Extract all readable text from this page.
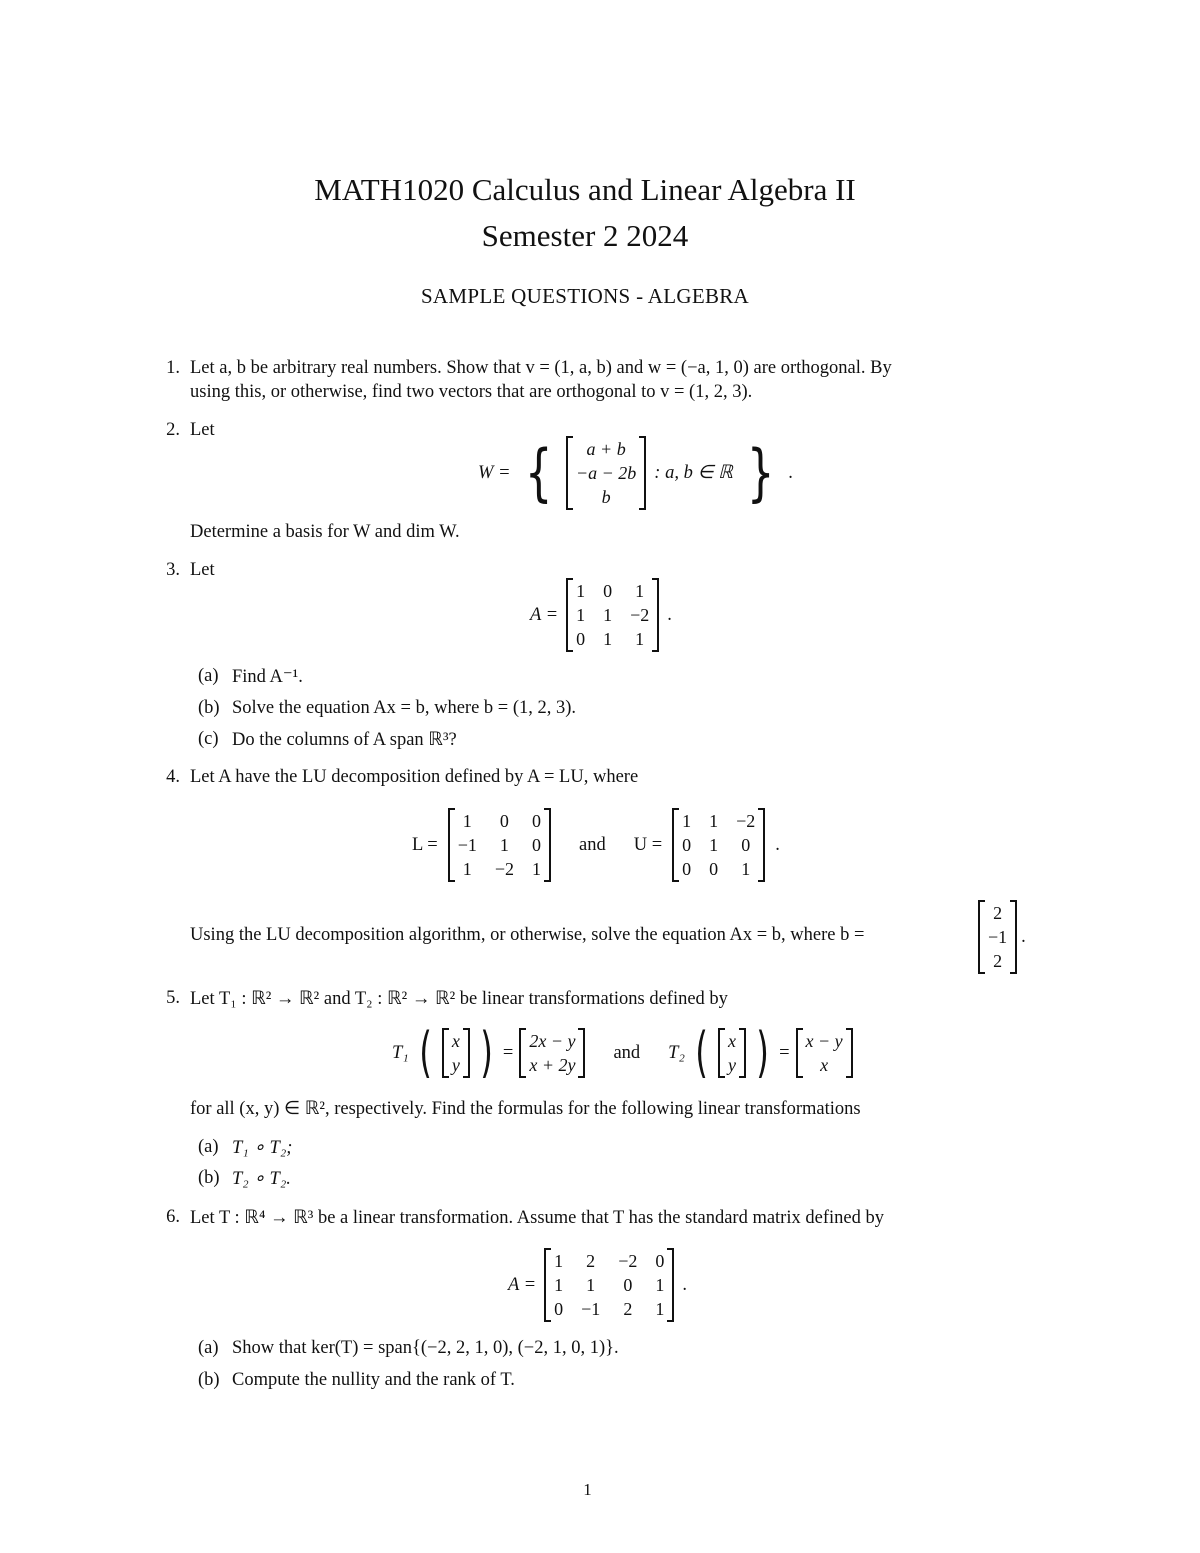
MATH1020 Calculus and Linear Algebra II
Semester 2 2024
SAMPLE QUESTIONS - ALGEBRA
1. Let a, b be arbitrary real numbers. Show that v = (1, a, b) and w = (−a, 1, 0) are orthogonal. By
using this, or otherwise, find two vectors that are orthogonal to v = (1, 2, 3).
2. Let
W = {	a + b
−a − 2b
b
: a, b ∈ ℝ } .
Determine a basis for W and dim W.
3. Let
A =
1 0 1
1 1 −2
0 1 1
.
(a) Find A⁻¹.
(b) Solve the equation Ax = b, where b = (1, 2, 3).
(c) Do the columns of A span ℝ³?
4. Let A have the LU decomposition defined by A = LU, where
L =
1 0 0
−1 1 0
1 −2 1
and U =
1 1 −2
0 1 0
0 0 1
.
Using the LU decomposition algorithm, or otherwise, solve the equation Ax = b, where b =
2
−1
2
.
5. Let T₁ : ℝ² → ℝ² and T₂ : ℝ² → ℝ² be linear transformations defined by
T₁ ( x
y ) =
2x − y
x + 2y
and T₂ ( x
y ) =
x − y
x
for all (x, y) ∈ ℝ², respectively. Find the formulas for the following linear transformations
(a) T₁ ∘ T₂;
(b) T₂ ∘ T₂.
6. Let T : ℝ⁴ → ℝ³ be a linear transformation. Assume that T has the standard matrix defined by
A =
1 2 −2 0
1 1 0 1
0 −1 2 1
.
(a) Show that ker(T) = span{(−2, 2, 1, 0), (−2, 1, 0, 1)}.
(b) Compute the nullity and the rank of T.
1
